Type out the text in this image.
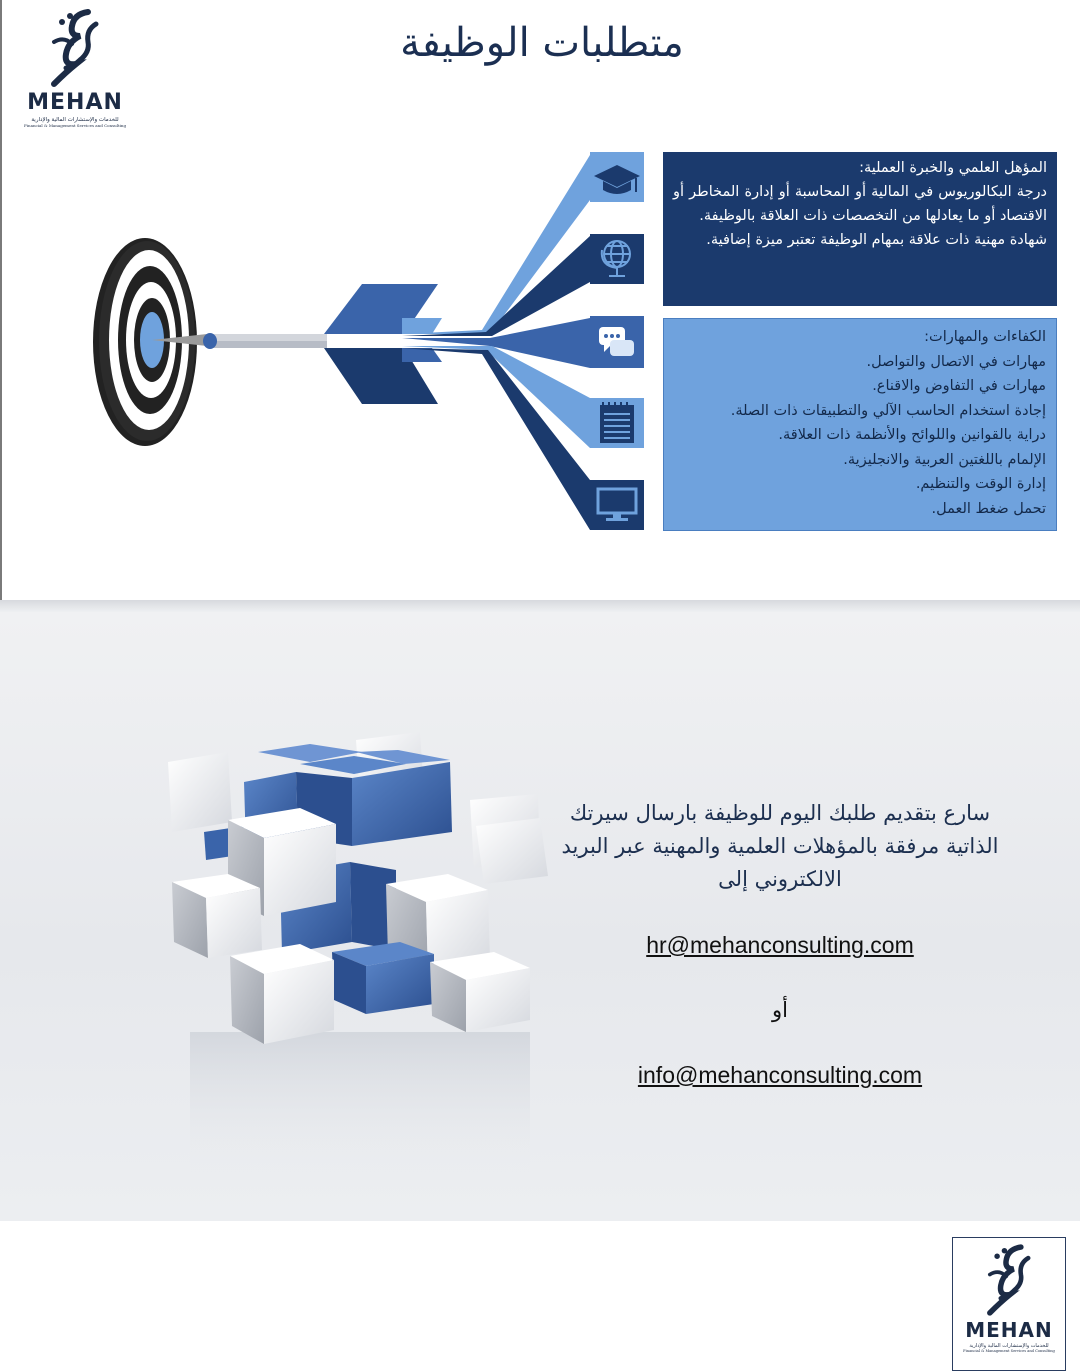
MEHAN
للخدمات والإستشارات المالية والإدارية
Financial & Management Services and Consulting
متطلبات الوظيفة

المؤهل العلمي والخبرة العملية:

درجة البكالوريوس في المالية أو المحاسبة أو إدارة المخاطر أو الاقتصاد أو ما يعادلها من التخصصات ذات العلاقة بالوظيفة.

شهادة مهنية ذات علاقة بمهام الوظيفة تعتبر ميزة إضافية.

الكفاءات والمهارات:

مهارات في الاتصال والتواصل.

مهارات في التفاوض والاقناع.

إجادة استخدام الحاسب الآلي والتطبيقات ذات الصلة.

دراية بالقوانين واللوائح والأنظمة ذات العلاقة.

الإلمام باللغتين العربية والانجليزية.

إدارة الوقت والتنظيم.

تحمل ضغط العمل.

MEHAN
للخدمات والإستشارات المالية والإدارية
Financial & Management Services and Consulting
سارع بتقديم طلبك اليوم للوظيفة بارسال سيرتك الذاتية مرفقة بالمؤهلات العلمية والمهنية عبر البريد الالكتروني إلى
hr@mehanconsulting.com
أو
info@mehanconsulting.com
